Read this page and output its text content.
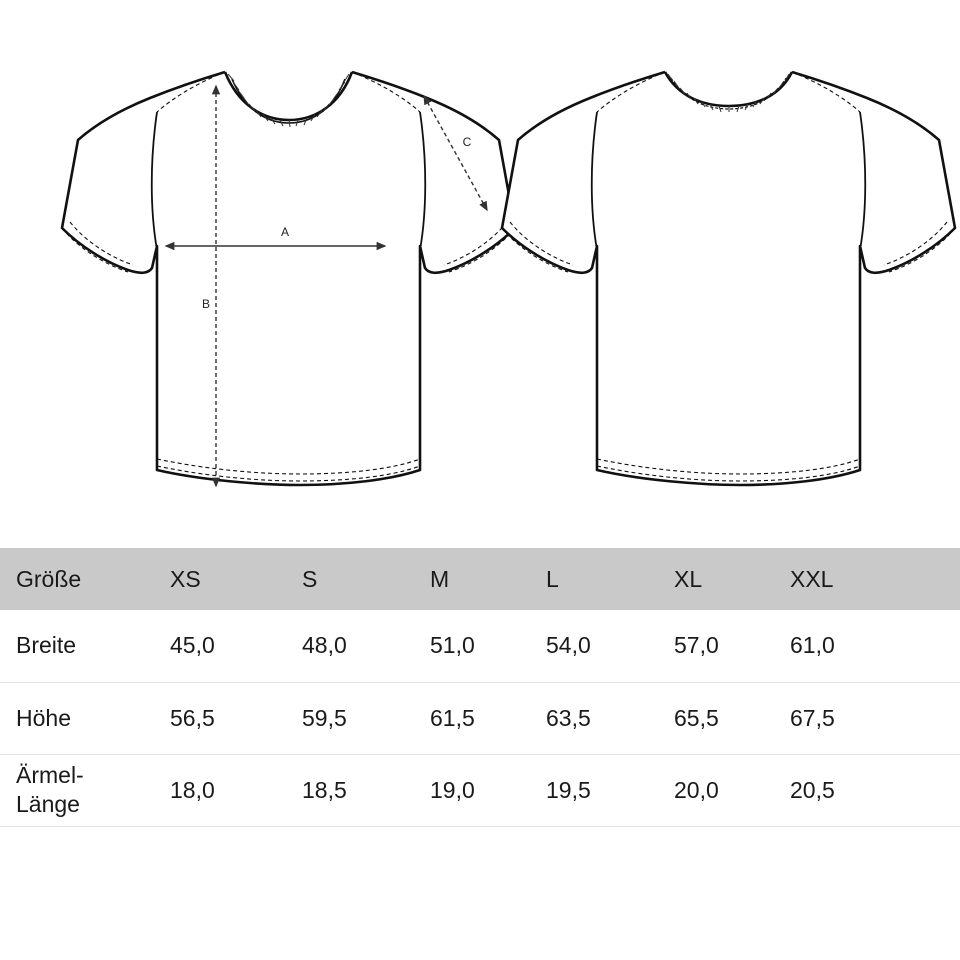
A
B
C
Größe	XS	S	M	L	XL	XXL
Breite	45,0	48,0	51,0	54,0	57,0	61,0
Höhe	56,5	59,5	61,5	63,5	65,5	67,5
Ärmel-
Länge	18,0	18,5	19,0	19,5	20,0	20,5
